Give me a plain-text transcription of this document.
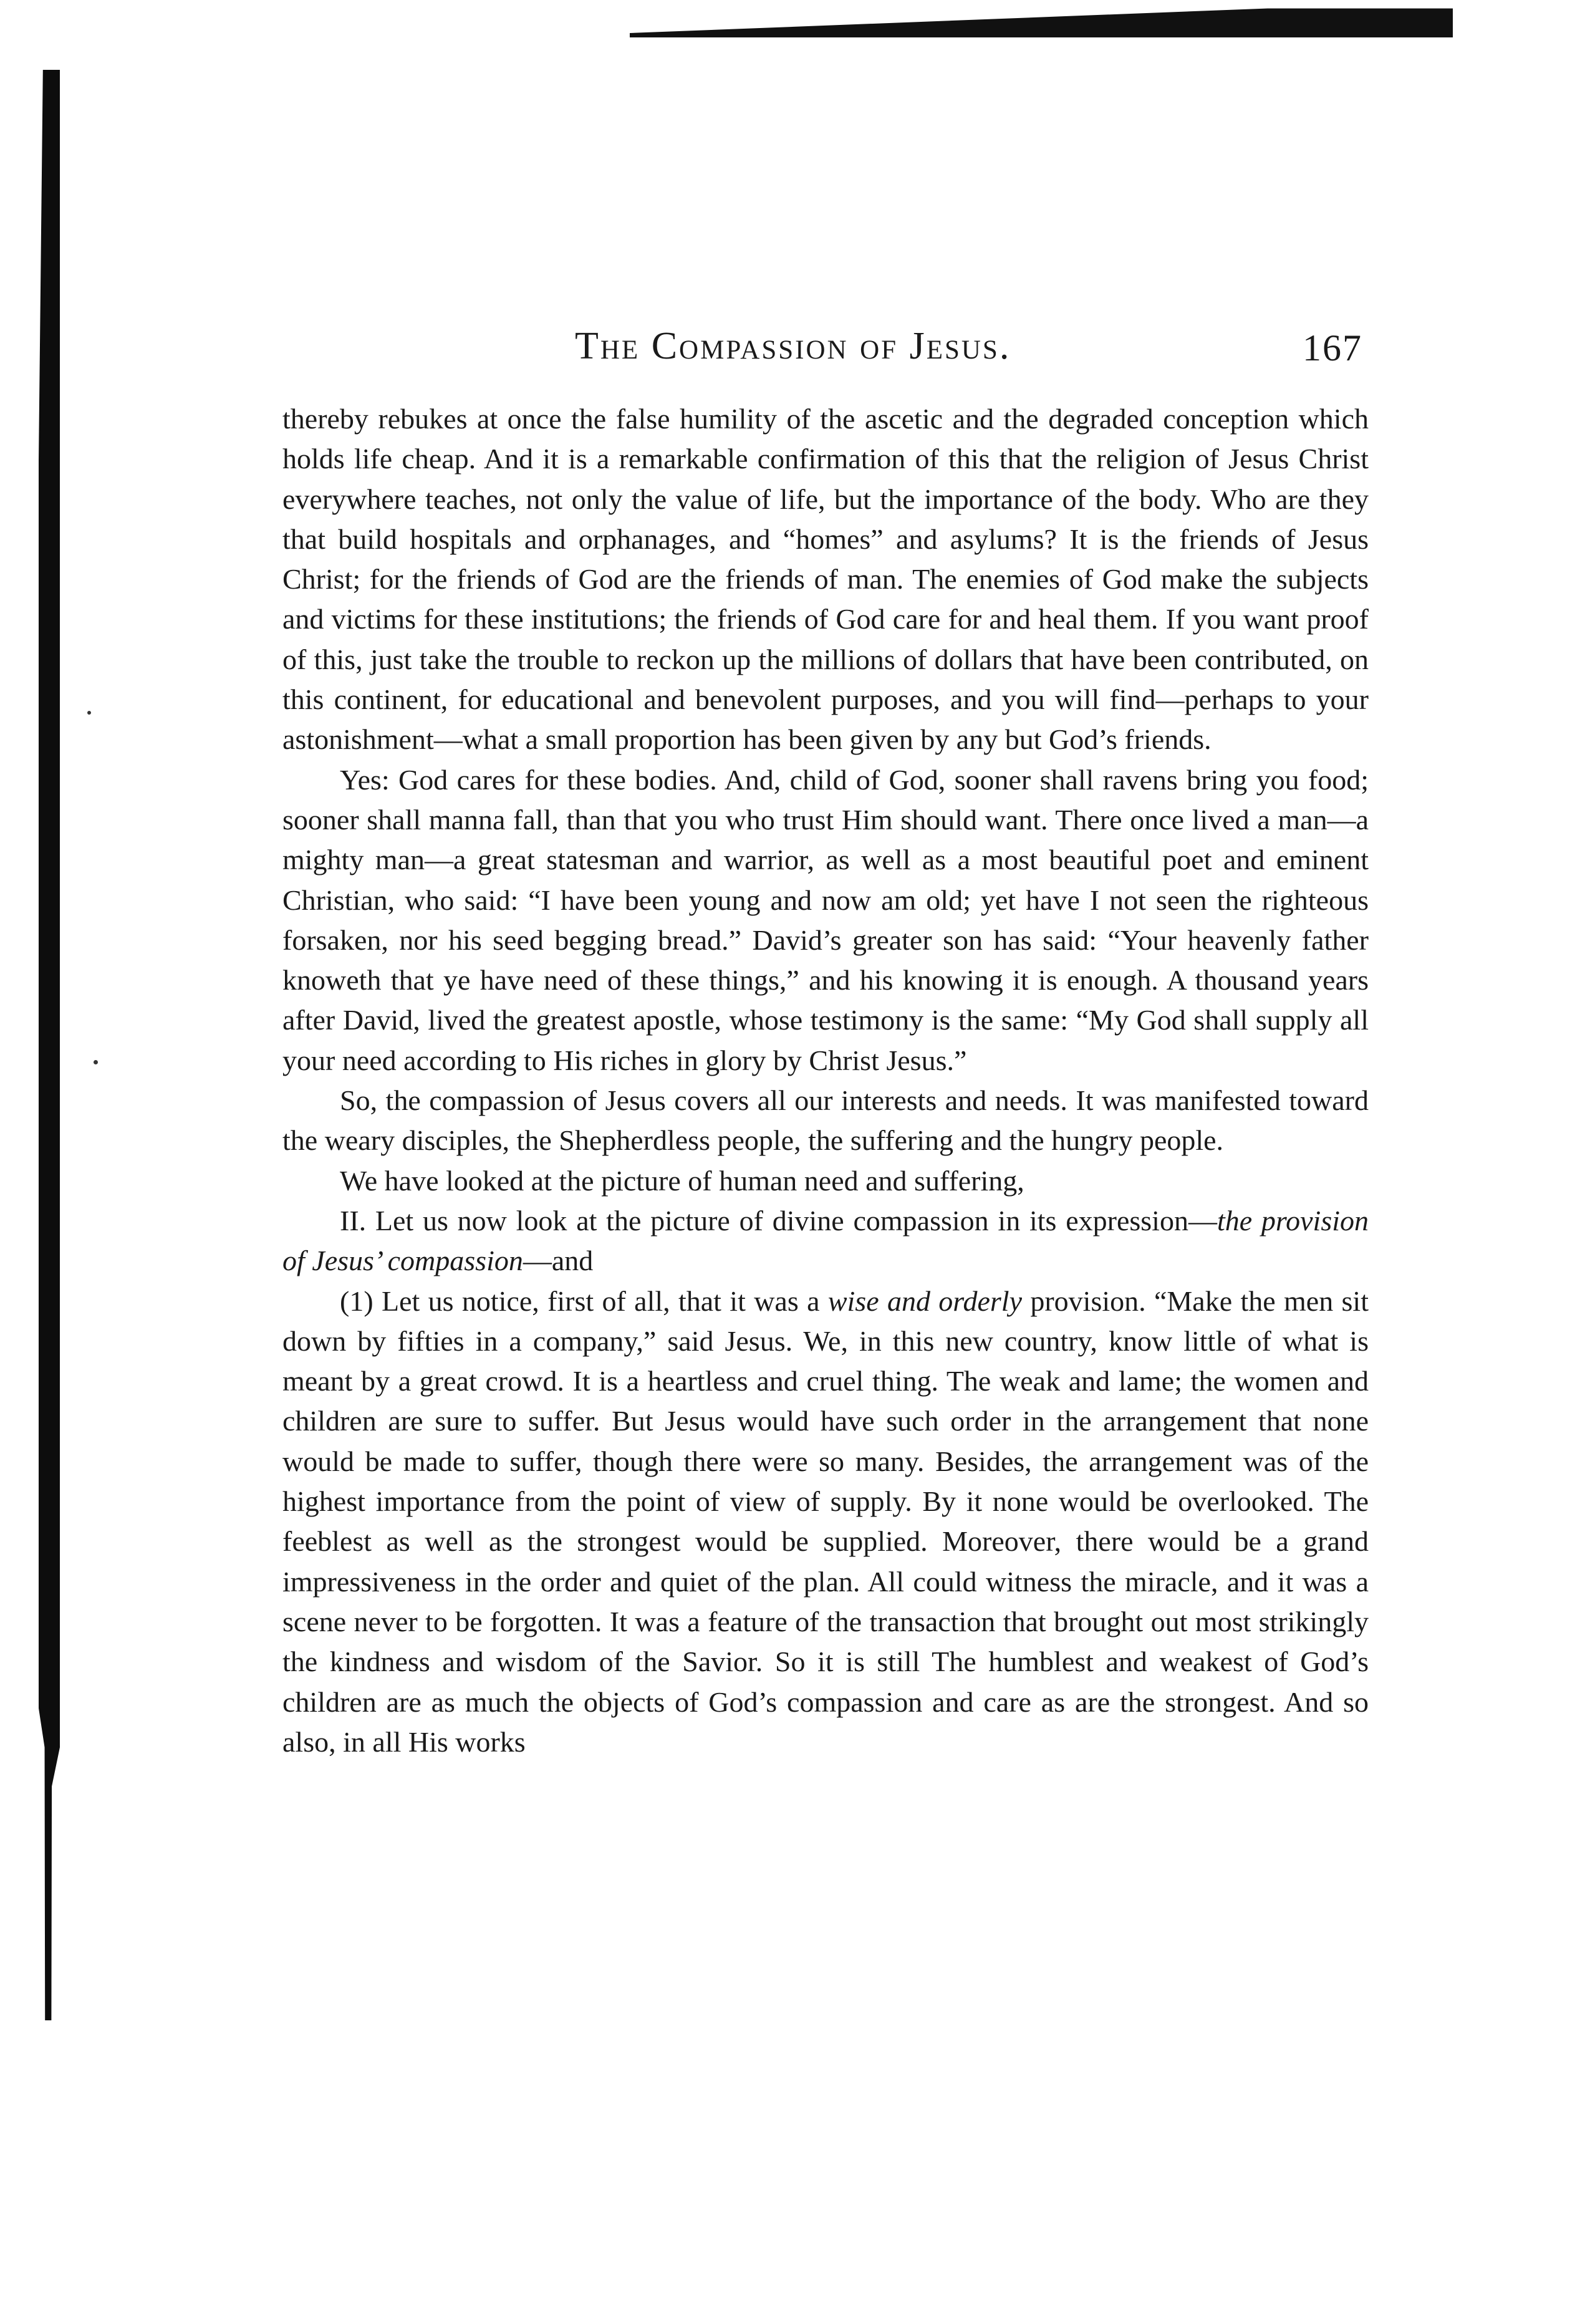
The Compassion of Jesus.	167

thereby rebukes at once the false humility of the ascetic and the degraded conception which holds life cheap. And it is a remarkable confirmation of this that the religion of Jesus Christ everywhere teaches, not only the value of life, but the importance of the body. Who are they that build hospitals and orphanages, and “homes” and asylums? It is the friends of Jesus Christ; for the friends of God are the friends of man. The enemies of God make the subjects and victims for these institutions; the friends of God care for and heal them. If you want proof of this, just take the trouble to reckon up the millions of dollars that have been contributed, on this continent, for educational and benevolent purposes, and you will find—perhaps to your astonishment—what a small proportion has been given by any but God’s friends.

Yes: God cares for these bodies. And, child of God, sooner shall ravens bring you food; sooner shall manna fall, than that you who trust Him should want. There once lived a man—a mighty man—a great statesman and warrior, as well as a most beautiful poet and eminent Christian, who said: “I have been young and now am old; yet have I not seen the righteous forsaken, nor his seed begging bread.” David’s greater son has said: “Your heavenly father knoweth that ye have need of these things,” and his knowing it is enough. A thousand years after David, lived the greatest apostle, whose testimony is the same: “My God shall supply all your need according to His riches in glory by Christ Jesus.”

So, the compassion of Jesus covers all our interests and needs. It was manifested toward the weary disciples, the Shepherdless people, the suffering and the hungry people.

We have looked at the picture of human need and suffering,

II. Let us now look at the picture of divine compassion in its expression—the provision of Jesus’ compassion—and

(1) Let us notice, first of all, that it was a wise and orderly provision. “Make the men sit down by fifties in a company,” said Jesus. We, in this new country, know little of what is meant by a great crowd. It is a heartless and cruel thing. The weak and lame; the women and children are sure to suffer. But Jesus would have such order in the arrangement that none would be made to suffer, though there were so many. Besides, the arrangement was of the highest importance from the point of view of supply. By it none would be overlooked. The feeblest as well as the strongest would be supplied. Moreover, there would be a grand impressiveness in the order and quiet of the plan. All could witness the miracle, and it was a scene never to be forgotten. It was a feature of the transaction that brought out most strikingly the kindness and wisdom of the Savior. So it is still The humblest and weakest of God’s children are as much the objects of God’s compassion and care as are the strongest. And so also, in all His works
